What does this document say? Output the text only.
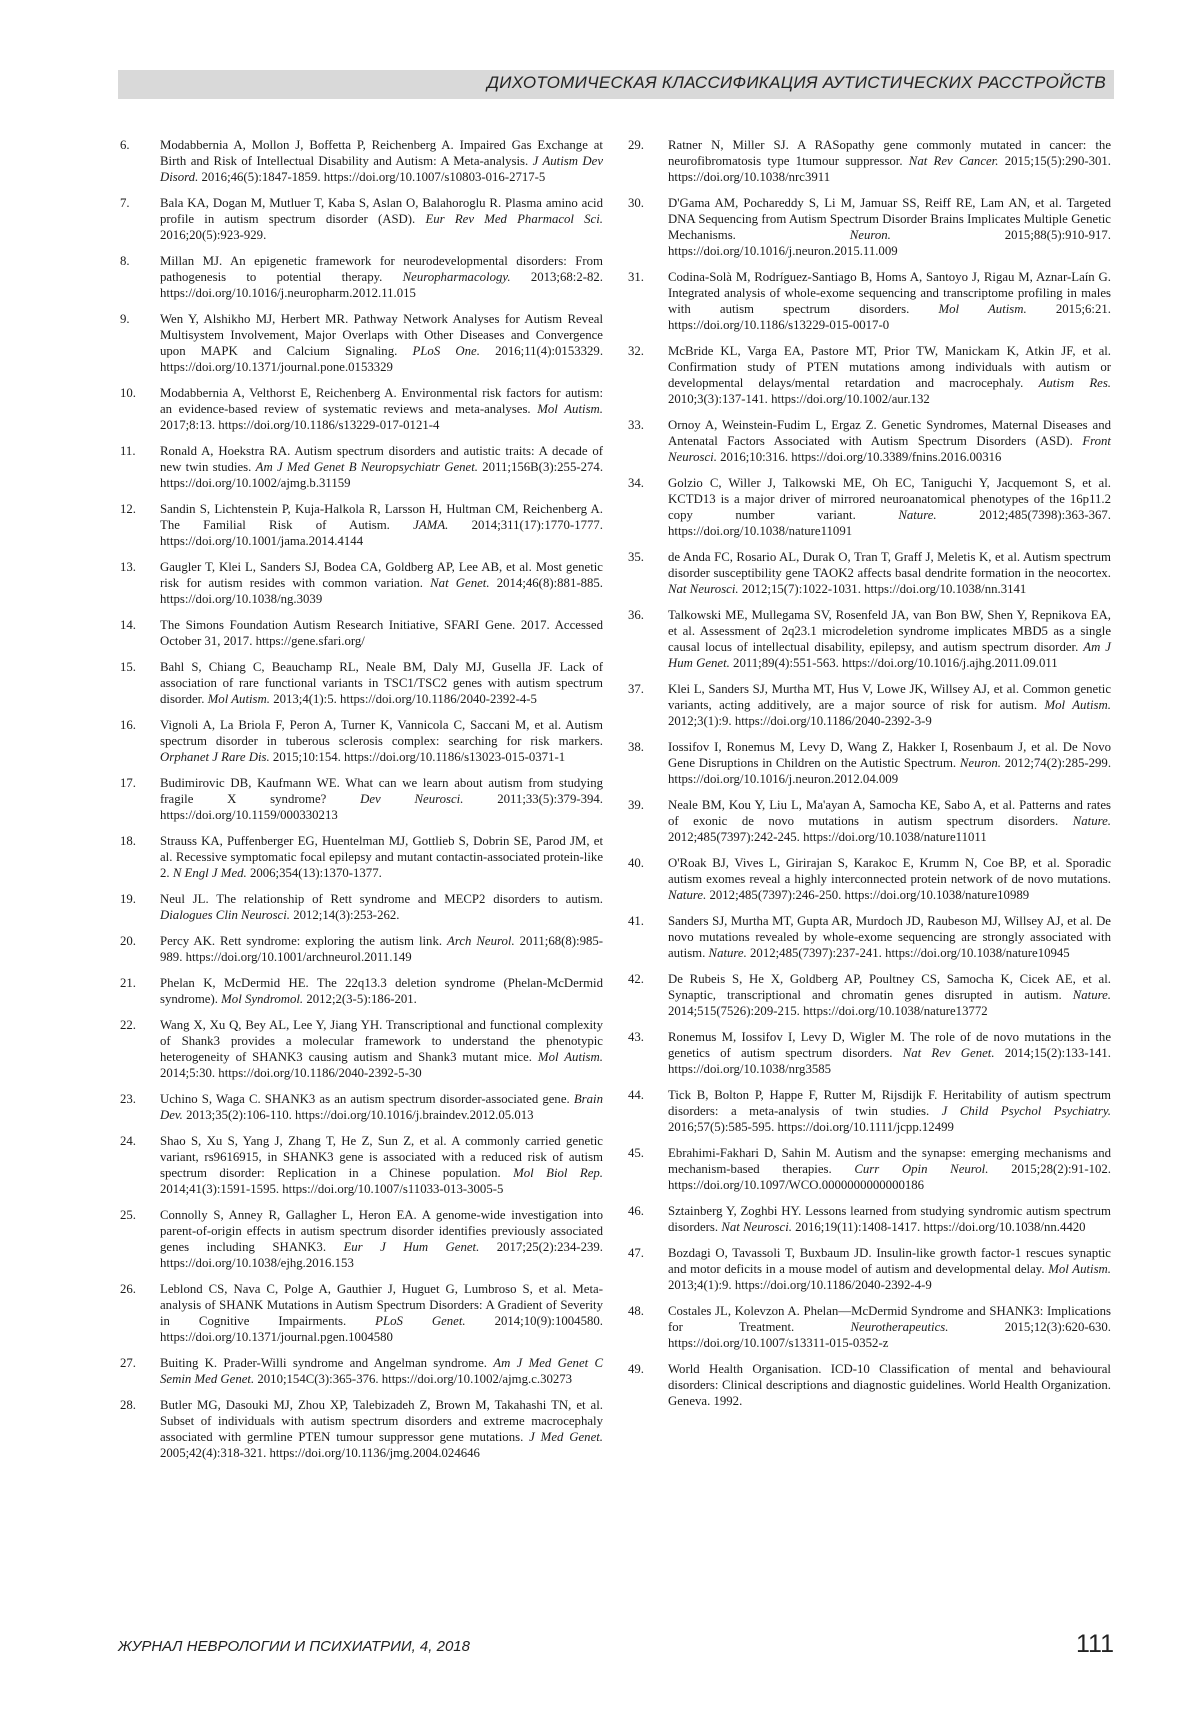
ДИХОТОМИЧЕСКАЯ КЛАССИФИКАЦИЯ АУТИСТИЧЕСКИХ РАССТРОЙСТВ
6.	Modabbernia A, Mollon J, Boffetta P, Reichenberg A. Impaired Gas Exchange at Birth and Risk of Intellectual Disability and Autism: A Meta-analysis. J Autism Dev Disord. 2016;46(5):1847-1859. https://doi.org/10.1007/s10803-016-2717-5
7.	Bala KA, Dogan M, Mutluer T, Kaba S, Aslan O, Balahoroglu R. Plasma amino acid profile in autism spectrum disorder (ASD). Eur Rev Med Pharmacol Sci. 2016;20(5):923-929.
8.	Millan MJ. An epigenetic framework for neurodevelopmental disorders: From pathogenesis to potential therapy. Neuropharmacology. 2013;68:2-82. https://doi.org/10.1016/j.neuropharm.2012.11.015
9.	Wen Y, Alshikho MJ, Herbert MR. Pathway Network Analyses for Autism Reveal Multisystem Involvement, Major Overlaps with Other Diseases and Convergence upon MAPK and Calcium Signaling. PLoS One. 2016;11(4):0153329. https://doi.org/10.1371/journal.pone.0153329
10.	Modabbernia A, Velthorst E, Reichenberg A. Environmental risk factors for autism: an evidence-based review of systematic reviews and meta-analyses. Mol Autism. 2017;8:13. https://doi.org/10.1186/s13229-017-0121-4
11.	Ronald A, Hoekstra RA. Autism spectrum disorders and autistic traits: A decade of new twin studies. Am J Med Genet B Neuropsychiatr Genet. 2011;156B(3):255-274. https://doi.org/10.1002/ajmg.b.31159
12.	Sandin S, Lichtenstein P, Kuja-Halkola R, Larsson H, Hultman CM, Reichenberg A. The Familial Risk of Autism. JAMA. 2014;311(17):1770-1777. https://doi.org/10.1001/jama.2014.4144
13.	Gaugler T, Klei L, Sanders SJ, Bodea CA, Goldberg AP, Lee AB, et al. Most genetic risk for autism resides with common variation. Nat Genet. 2014;46(8):881-885. https://doi.org/10.1038/ng.3039
14.	The Simons Foundation Autism Research Initiative, SFARI Gene. 2017. Accessed October 31, 2017. https://gene.sfari.org/
15.	Bahl S, Chiang C, Beauchamp RL, Neale BM, Daly MJ, Gusella JF. Lack of association of rare functional variants in TSC1/TSC2 genes with autism spectrum disorder. Mol Autism. 2013;4(1):5. https://doi.org/10.1186/2040-2392-4-5
16.	Vignoli A, La Briola F, Peron A, Turner K, Vannicola C, Saccani M, et al. Autism spectrum disorder in tuberous sclerosis complex: searching for risk markers. Orphanet J Rare Dis. 2015;10:154. https://doi.org/10.1186/s13023-015-0371-1
17.	Budimirovic DB, Kaufmann WE. What can we learn about autism from studying fragile X syndrome?	Dev Neurosci.	2011;33(5):379-394. https://doi.org/10.1159/000330213
18.	Strauss KA, Puffenberger EG, Huentelman MJ, Gottlieb S, Dobrin SE, Parod JM, et al. Recessive symptomatic focal epilepsy and mutant contactin-associated protein-like 2. N Engl J Med. 2006;354(13):1370-1377.
19.	Neul JL. The relationship of Rett syndrome and MECP2 disorders to autism. Dialogues Clin Neurosci. 2012;14(3):253-262.
20.	Percy AK. Rett syndrome: exploring the autism link. Arch Neurol. 2011;68(8):985-989. https://doi.org/10.1001/archneurol.2011.149
21.	Phelan K, McDermid HE. The 22q13.3 deletion syndrome (Phelan-McDermid syndrome). Mol Syndromol. 2012;2(3-5):186-201.
22.	Wang X, Xu Q, Bey AL, Lee Y, Jiang YH. Transcriptional and functional complexity of Shank3 provides a molecular framework to understand the phenotypic heterogeneity of SHANK3 causing autism and Shank3 mutant mice. Mol Autism. 2014;5:30. https://doi.org/10.1186/2040-2392-5-30
23.	Uchino S, Waga C. SHANK3 as an autism spectrum disorder-associated gene. Brain Dev. 2013;35(2):106-110. https://doi.org/10.1016/j.braindev.2012.05.013
24.	Shao S, Xu S, Yang J, Zhang T, He Z, Sun Z, et al. A commonly carried genetic variant, rs9616915, in SHANK3 gene is associated with a reduced risk of autism spectrum disorder: Replication in a Chinese population. Mol Biol Rep. 2014;41(3):1591-1595. https://doi.org/10.1007/s11033-013-3005-5
25.	Connolly S, Anney R, Gallagher L, Heron EA. A genome-wide investigation into parent-of-origin effects in autism spectrum disorder identifies previously associated genes including SHANK3. Eur J Hum Genet. 2017;25(2):234-239. https://doi.org/10.1038/ejhg.2016.153
26.	Leblond CS, Nava C, Polge A, Gauthier J, Huguet G, Lumbroso S, et al. Meta-analysis of SHANK Mutations in Autism Spectrum Disorders: A Gradient of Severity in Cognitive Impairments. PLoS Genet. 2014;10(9):1004580. https://doi.org/10.1371/journal.pgen.1004580
27.	Buiting K. Prader-Willi syndrome and Angelman syndrome. Am J Med Genet C Semin Med Genet. 2010;154C(3):365-376. https://doi.org/10.1002/ajmg.c.30273
28.	Butler MG, Dasouki MJ, Zhou XP, Talebizadeh Z, Brown M, Takahashi TN, et al. Subset of individuals with autism spectrum disorders and extreme macrocephaly associated with germline PTEN tumour suppressor gene mutations. J Med Genet. 2005;42(4):318-321. https://doi.org/10.1136/jmg.2004.024646
29.	Ratner N, Miller SJ. A RASopathy gene commonly mutated in cancer: the neurofibromatosis type 1tumour suppressor. Nat Rev Cancer. 2015;15(5):290-301. https://doi.org/10.1038/nrc3911
30.	D'Gama AM, Pochareddy S, Li M, Jamuar SS, Reiff RE, Lam AN, et al. Targeted DNA Sequencing from Autism Spectrum Disorder Brains Implicates Multiple Genetic Mechanisms.	Neuron.	2015;88(5):910-917. https://doi.org/10.1016/j.neuron.2015.11.009
31.	Codina-Solà M, Rodríguez-Santiago B, Homs A, Santoyo J, Rigau M, Aznar-Laín G. Integrated analysis of whole-exome sequencing and transcriptome profiling in males with autism spectrum disorders. Mol Autism. 2015;6:21. https://doi.org/10.1186/s13229-015-0017-0
32.	McBride KL, Varga EA, Pastore MT, Prior TW, Manickam K, Atkin JF, et al. Confirmation study of PTEN mutations among individuals with autism or developmental delays/mental retardation and macrocephaly. Autism Res. 2010;3(3):137-141. https://doi.org/10.1002/aur.132
33.	Ornoy A, Weinstein-Fudim L, Ergaz Z. Genetic Syndromes, Maternal Diseases and Antenatal Factors Associated with Autism Spectrum Disorders (ASD). Front Neurosci. 2016;10:316. https://doi.org/10.3389/fnins.2016.00316
34.	Golzio C, Willer J, Talkowski ME, Oh EC, Taniguchi Y, Jacquemont S, et al. KCTD13 is a major driver of mirrored neuroanatomical phenotypes of the 16p11.2 copy number variant.	Nature.	2012;485(7398):363-367. https://doi.org/10.1038/nature11091
35.	de Anda FC, Rosario AL, Durak O, Tran T, Graff J, Meletis K, et al. Autism spectrum disorder susceptibility gene TAOK2 affects basal dendrite formation in the neocortex. Nat Neurosci. 2012;15(7):1022-1031. https://doi.org/10.1038/nn.3141
36.	Talkowski ME, Mullegama SV, Rosenfeld JA, van Bon BW, Shen Y, Repnikova EA, et al. Assessment of 2q23.1 microdeletion syndrome implicates MBD5 as a single causal locus of intellectual disability, epilepsy, and autism spectrum disorder. Am J Hum Genet. 2011;89(4):551-563. https://doi.org/10.1016/j.ajhg.2011.09.011
37.	Klei L, Sanders SJ, Murtha MT, Hus V, Lowe JK, Willsey AJ, et al. Common genetic variants, acting additively, are a major source of risk for autism. Mol Autism. 2012;3(1):9. https://doi.org/10.1186/2040-2392-3-9
38.	Iossifov I, Ronemus M, Levy D, Wang Z, Hakker I, Rosenbaum J, et al. De Novo Gene Disruptions in Children on the Autistic Spectrum. Neuron. 2012;74(2):285-299. https://doi.org/10.1016/j.neuron.2012.04.009
39.	Neale BM, Kou Y, Liu L, Ma'ayan A, Samocha KE, Sabo A, et al. Patterns and rates of exonic de novo mutations in autism spectrum disorders. Nature. 2012;485(7397):242-245. https://doi.org/10.1038/nature11011
40.	O'Roak BJ, Vives L, Girirajan S, Karakoc E, Krumm N, Coe BP, et al. Sporadic autism exomes reveal a highly interconnected protein network of de novo mutations. Nature. 2012;485(7397):246-250. https://doi.org/10.1038/nature10989
41.	Sanders SJ, Murtha MT, Gupta AR, Murdoch JD, Raubeson MJ, Willsey AJ, et al. De novo mutations revealed by whole-exome sequencing are strongly associated with autism. Nature. 2012;485(7397):237-241. https://doi.org/10.1038/nature10945
42.	De Rubeis S, He X, Goldberg AP, Poultney CS, Samocha K, Cicek AE, et al. Synaptic, transcriptional and chromatin genes disrupted in autism. Nature. 2014;515(7526):209-215. https://doi.org/10.1038/nature13772
43.	Ronemus M, Iossifov I, Levy D, Wigler M. The role of de novo mutations in the genetics of autism spectrum disorders. Nat Rev Genet. 2014;15(2):133-141. https://doi.org/10.1038/nrg3585
44.	Tick B, Bolton P, Happe F, Rutter M, Rijsdijk F. Heritability of autism spectrum disorders: a meta-analysis of twin studies. J Child Psychol Psychiatry. 2016;57(5):585-595. https://doi.org/10.1111/jcpp.12499
45.	Ebrahimi-Fakhari D, Sahin M. Autism and the synapse: emerging mechanisms and mechanism-based therapies. Curr Opin Neurol. 2015;28(2):91-102. https://doi.org/10.1097/WCO.0000000000000186
46.	Sztainberg Y, Zoghbi HY. Lessons learned from studying syndromic autism spectrum disorders. Nat Neurosci. 2016;19(11):1408-1417. https://doi.org/10.1038/nn.4420
47.	Bozdagi O, Tavassoli T, Buxbaum JD. Insulin-like growth factor-1 rescues synaptic and motor deficits in a mouse model of autism and developmental delay. Mol Autism. 2013;4(1):9. https://doi.org/10.1186/2040-2392-4-9
48.	Costales JL, Kolevzon A. Phelan—McDermid Syndrome and SHANK3: Implications for Treatment.	Neurotherapeutics.	2015;12(3):620-630. https://doi.org/10.1007/s13311-015-0352-z
49.	World Health Organisation. ICD-10 Classification of mental and behavioural disorders: Clinical descriptions and diagnostic guidelines. World Health Organization. Geneva. 1992.
ЖУРНАЛ НЕВРОЛОГИИ И ПСИХИАТРИИ, 4, 2018	111
